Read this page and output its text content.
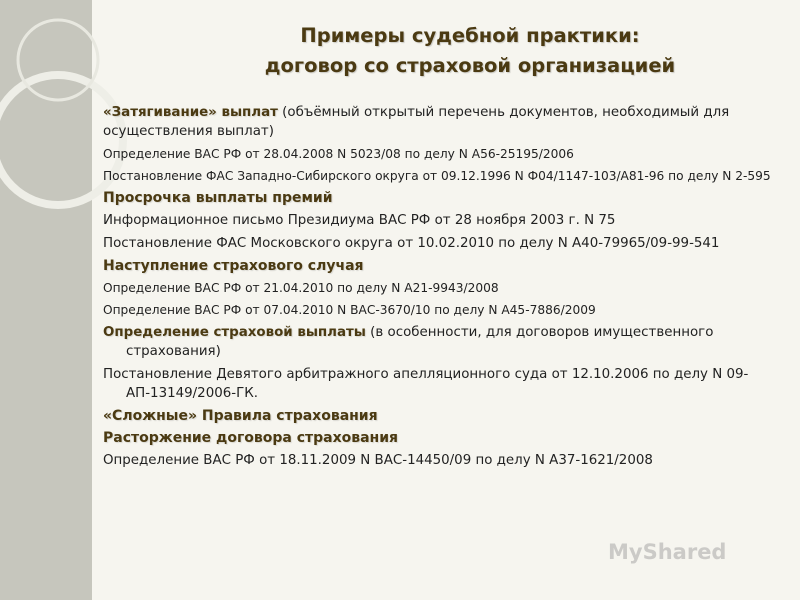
Примеры судебной практики:
договор со страховой организацией
«Затягивание» выплат (объёмный открытый перечень документов, необходимый для осуществления выплат)
Определение ВАС РФ от 28.04.2008 N 5023/08 по делу N А56-25195/2006
Постановление ФАС Западно-Сибирского округа от 09.12.1996 N Ф04/1147-103/А81-96 по делу N 2-595
Просрочка выплаты премий
Информационное письмо Президиума ВАС РФ от 28 ноября 2003 г. N 75
Постановление ФАС Московского округа от 10.02.2010 по делу N А40-79965/09-99-541
Наступление страхового случая
Определение ВАС РФ от 21.04.2010 по делу N А21-9943/2008
Определение ВАС РФ от 07.04.2010 N ВАС-3670/10 по делу N А45-7886/2009
Определение страховой выплаты (в особенности, для договоров имущественного страхования)
Постановление Девятого арбитражного апелляционного суда от 12.10.2006 по делу N 09-АП-13149/2006-ГК.
«Сложные» Правила страхования
Расторжение договора страхования
Определение ВАС РФ от 18.11.2009 N ВАС-14450/09 по делу N А37-1621/2008
MyShared
